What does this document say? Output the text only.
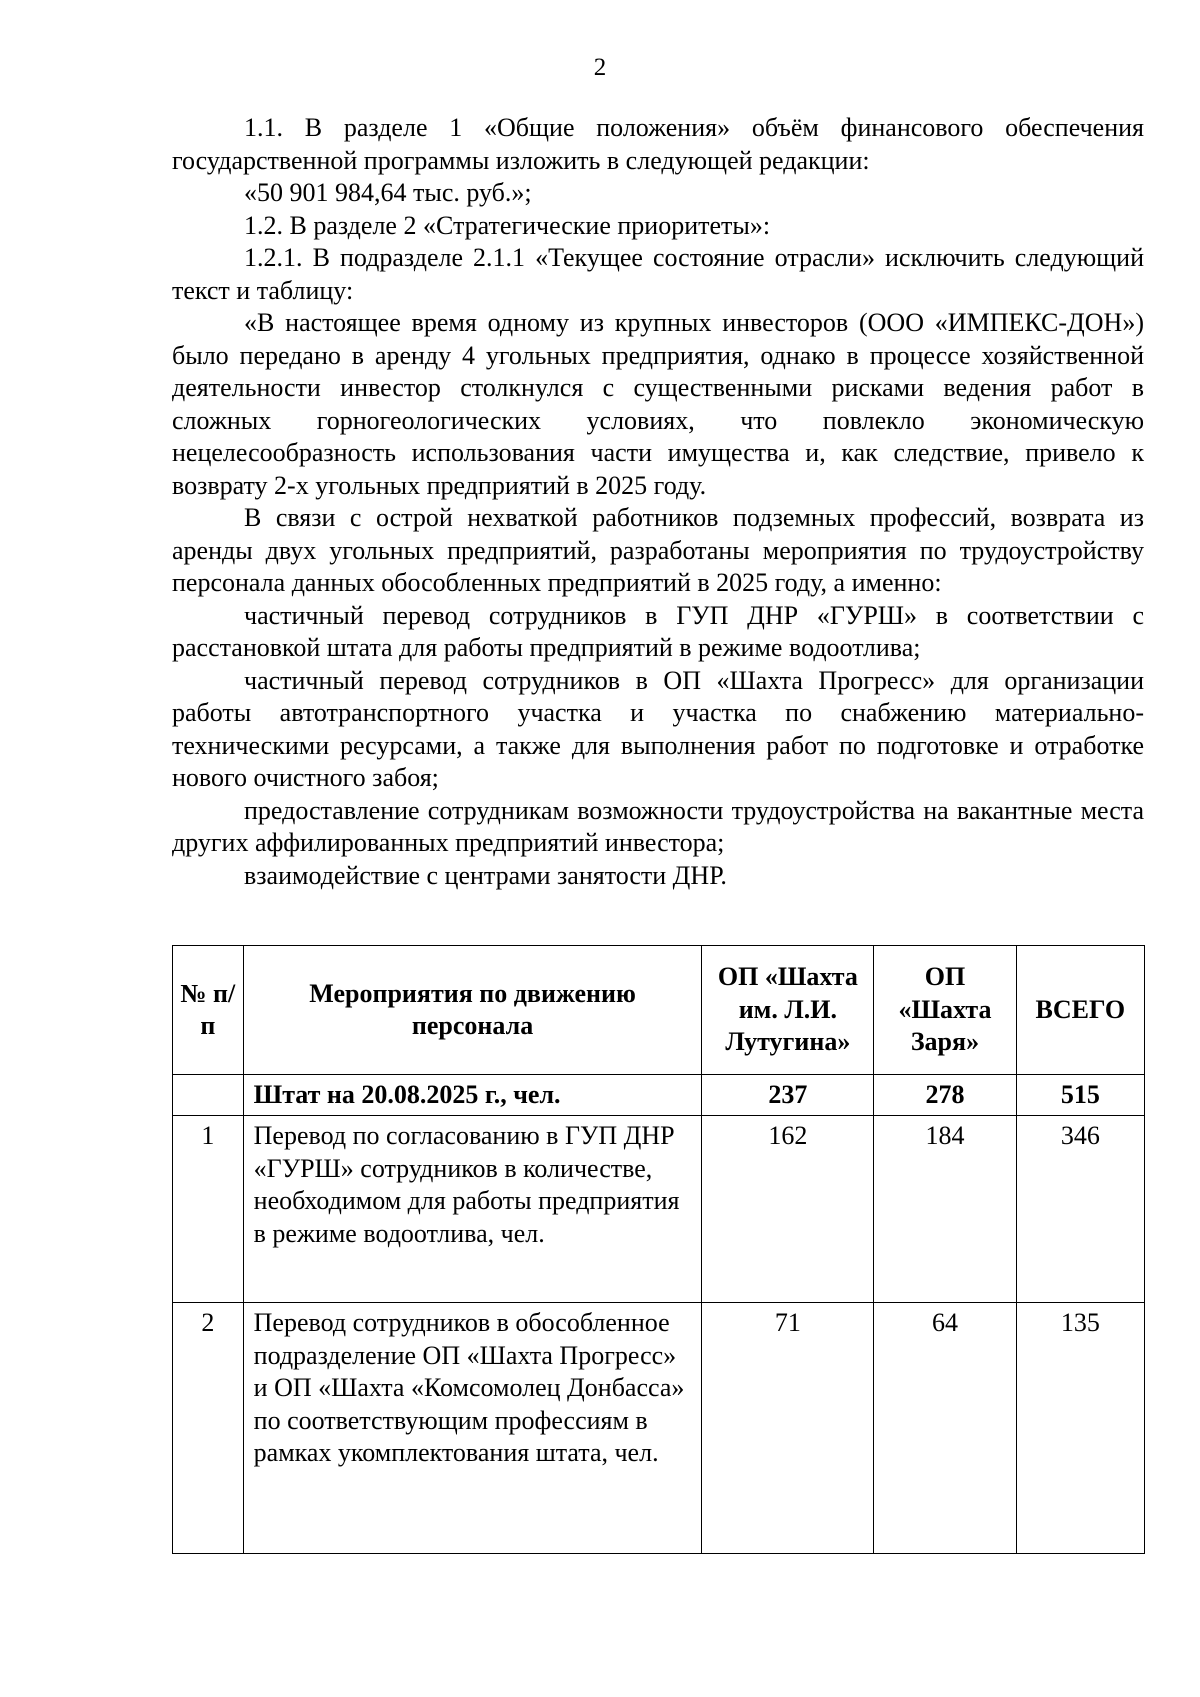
2

1.1. В разделе 1 «Общие положения» объём финансового обеспечения государственной программы изложить в следующей редакции:

«50 901 984,64 тыс. руб.»;

1.2. В разделе 2 «Стратегические приоритеты»:

1.2.1. В подразделе 2.1.1 «Текущее состояние отрасли» исключить следующий текст и таблицу:

«В настоящее время одному из крупных инвесторов (ООО «ИМПЕКС-ДОН») было передано в аренду 4 угольных предприятия, однако в процессе хозяйственной деятельности инвестор столкнулся с существенными рисками ведения работ в сложных горногеологических условиях, что повлекло экономическую нецелесообразность использования части имущества и, как следствие, привело к возврату 2-х угольных предприятий в 2025 году.

В связи с острой нехваткой работников подземных профессий, возврата из аренды двух угольных предприятий, разработаны мероприятия по трудоустройству персонала данных обособленных предприятий в 2025 году, а именно:

частичный перевод сотрудников в ГУП ДНР «ГУРШ» в соответствии с расстановкой штата для работы предприятий в режиме водоотлива;

частичный перевод сотрудников в ОП «Шахта Прогресс» для организации работы автотранспортного участка и участка по снабжению материально-техническими ресурсами, а также для выполнения работ по подготовке и отработке нового очистного забоя;

предоставление сотрудникам возможности трудоустройства на вакантные места других аффилированных предприятий инвестора;

взаимодействие с центрами занятости ДНР.

№ п/п	Мероприятия по движению персонала	ОП «Шахта им. Л.И. Лутугина»	ОП «Шахта Заря»	ВСЕГО
	Штат на 20.08.2025 г., чел.	237	278	515
1	Перевод по согласованию в ГУП ДНР «ГУРШ» сотрудников в количестве, необходимом для работы предприятия в режиме водоотлива, чел.	162	184	346
2	Перевод сотрудников в обособленное подразделение ОП «Шахта Прогресс» и ОП «Шахта «Комсомолец Донбасса» по соответствующим профессиям в рамках укомплектования штата, чел.	71	64	135
